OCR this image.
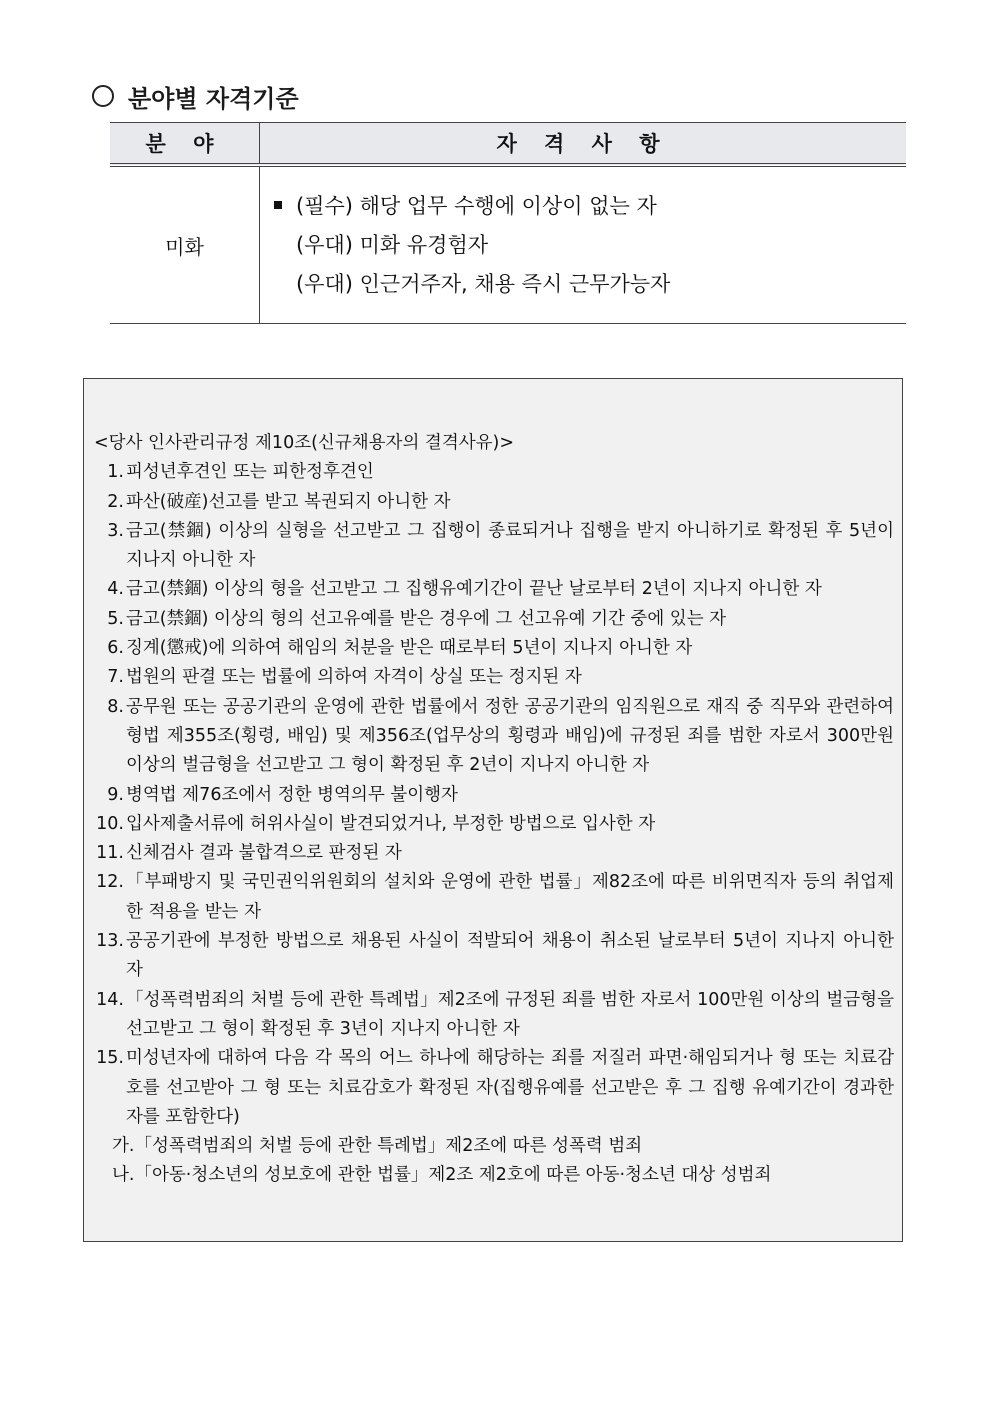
분야별 자격기준
분 야	자 격 사 항
미화	(필수) 해당 업무 수행에 이상이 없는 자
(우대) 미화 유경험자
(우대) 인근거주자, 채용 즉시 근무가능자
<당사 인사관리규정 제10조(신규채용자의 결격사유)>
1. 피성년후견인 또는 피한정후견인
2. 파산(破産)선고를 받고 복권되지 아니한 자
3. 금고(禁錮) 이상의 실형을 선고받고 그 집행이 종료되거나 집행을 받지 아니하기로 확정된 후 5년이 지나지 아니한 자
4. 금고(禁錮) 이상의 형을 선고받고 그 집행유예기간이 끝난 날로부터 2년이 지나지 아니한 자
5. 금고(禁錮) 이상의 형의 선고유예를 받은 경우에 그 선고유예 기간 중에 있는 자
6. 징계(懲戒)에 의하여 해임의 처분을 받은 때로부터 5년이 지나지 아니한 자
7. 법원의 판결 또는 법률에 의하여 자격이 상실 또는 정지된 자
8. 공무원 또는 공공기관의 운영에 관한 법률에서 정한 공공기관의 임직원으로 재직 중 직무와 관련하여 형법 제355조(횡령, 배임) 및 제356조(업무상의 횡령과 배임)에 규정된 죄를 범한 자로서 300만원 이상의 벌금형을 선고받고 그 형이 확정된 후 2년이 지나지 아니한 자
9. 병역법 제76조에서 정한 병역의무 불이행자
10. 입사제출서류에 허위사실이 발견되었거나, 부정한 방법으로 입사한 자
11. 신체검사 결과 불합격으로 판정된 자
12. 「부패방지 및 국민권익위원회의 설치와 운영에 관한 법률」제82조에 따른 비위면직자 등의 취업제한 적용을 받는 자
13. 공공기관에 부정한 방법으로 채용된 사실이 적발되어 채용이 취소된 날로부터 5년이 지나지 아니한 자
14. 「성폭력범죄의 처벌 등에 관한 특례법」제2조에 규정된 죄를 범한 자로서 100만원 이상의 벌금형을 선고받고 그 형이 확정된 후 3년이 지나지 아니한 자
15. 미성년자에 대하여 다음 각 목의 어느 하나에 해당하는 죄를 저질러 파면·해임되거나 형 또는 치료감호를 선고받아 그 형 또는 치료감호가 확정된 자(집행유예를 선고받은 후 그 집행 유예기간이 경과한 자를 포함한다)
가.「성폭력범죄의 처벌 등에 관한 특례법」제2조에 따른 성폭력 범죄
나.「아동·청소년의 성보호에 관한 법률」제2조 제2호에 따른 아동·청소년 대상 성범죄
